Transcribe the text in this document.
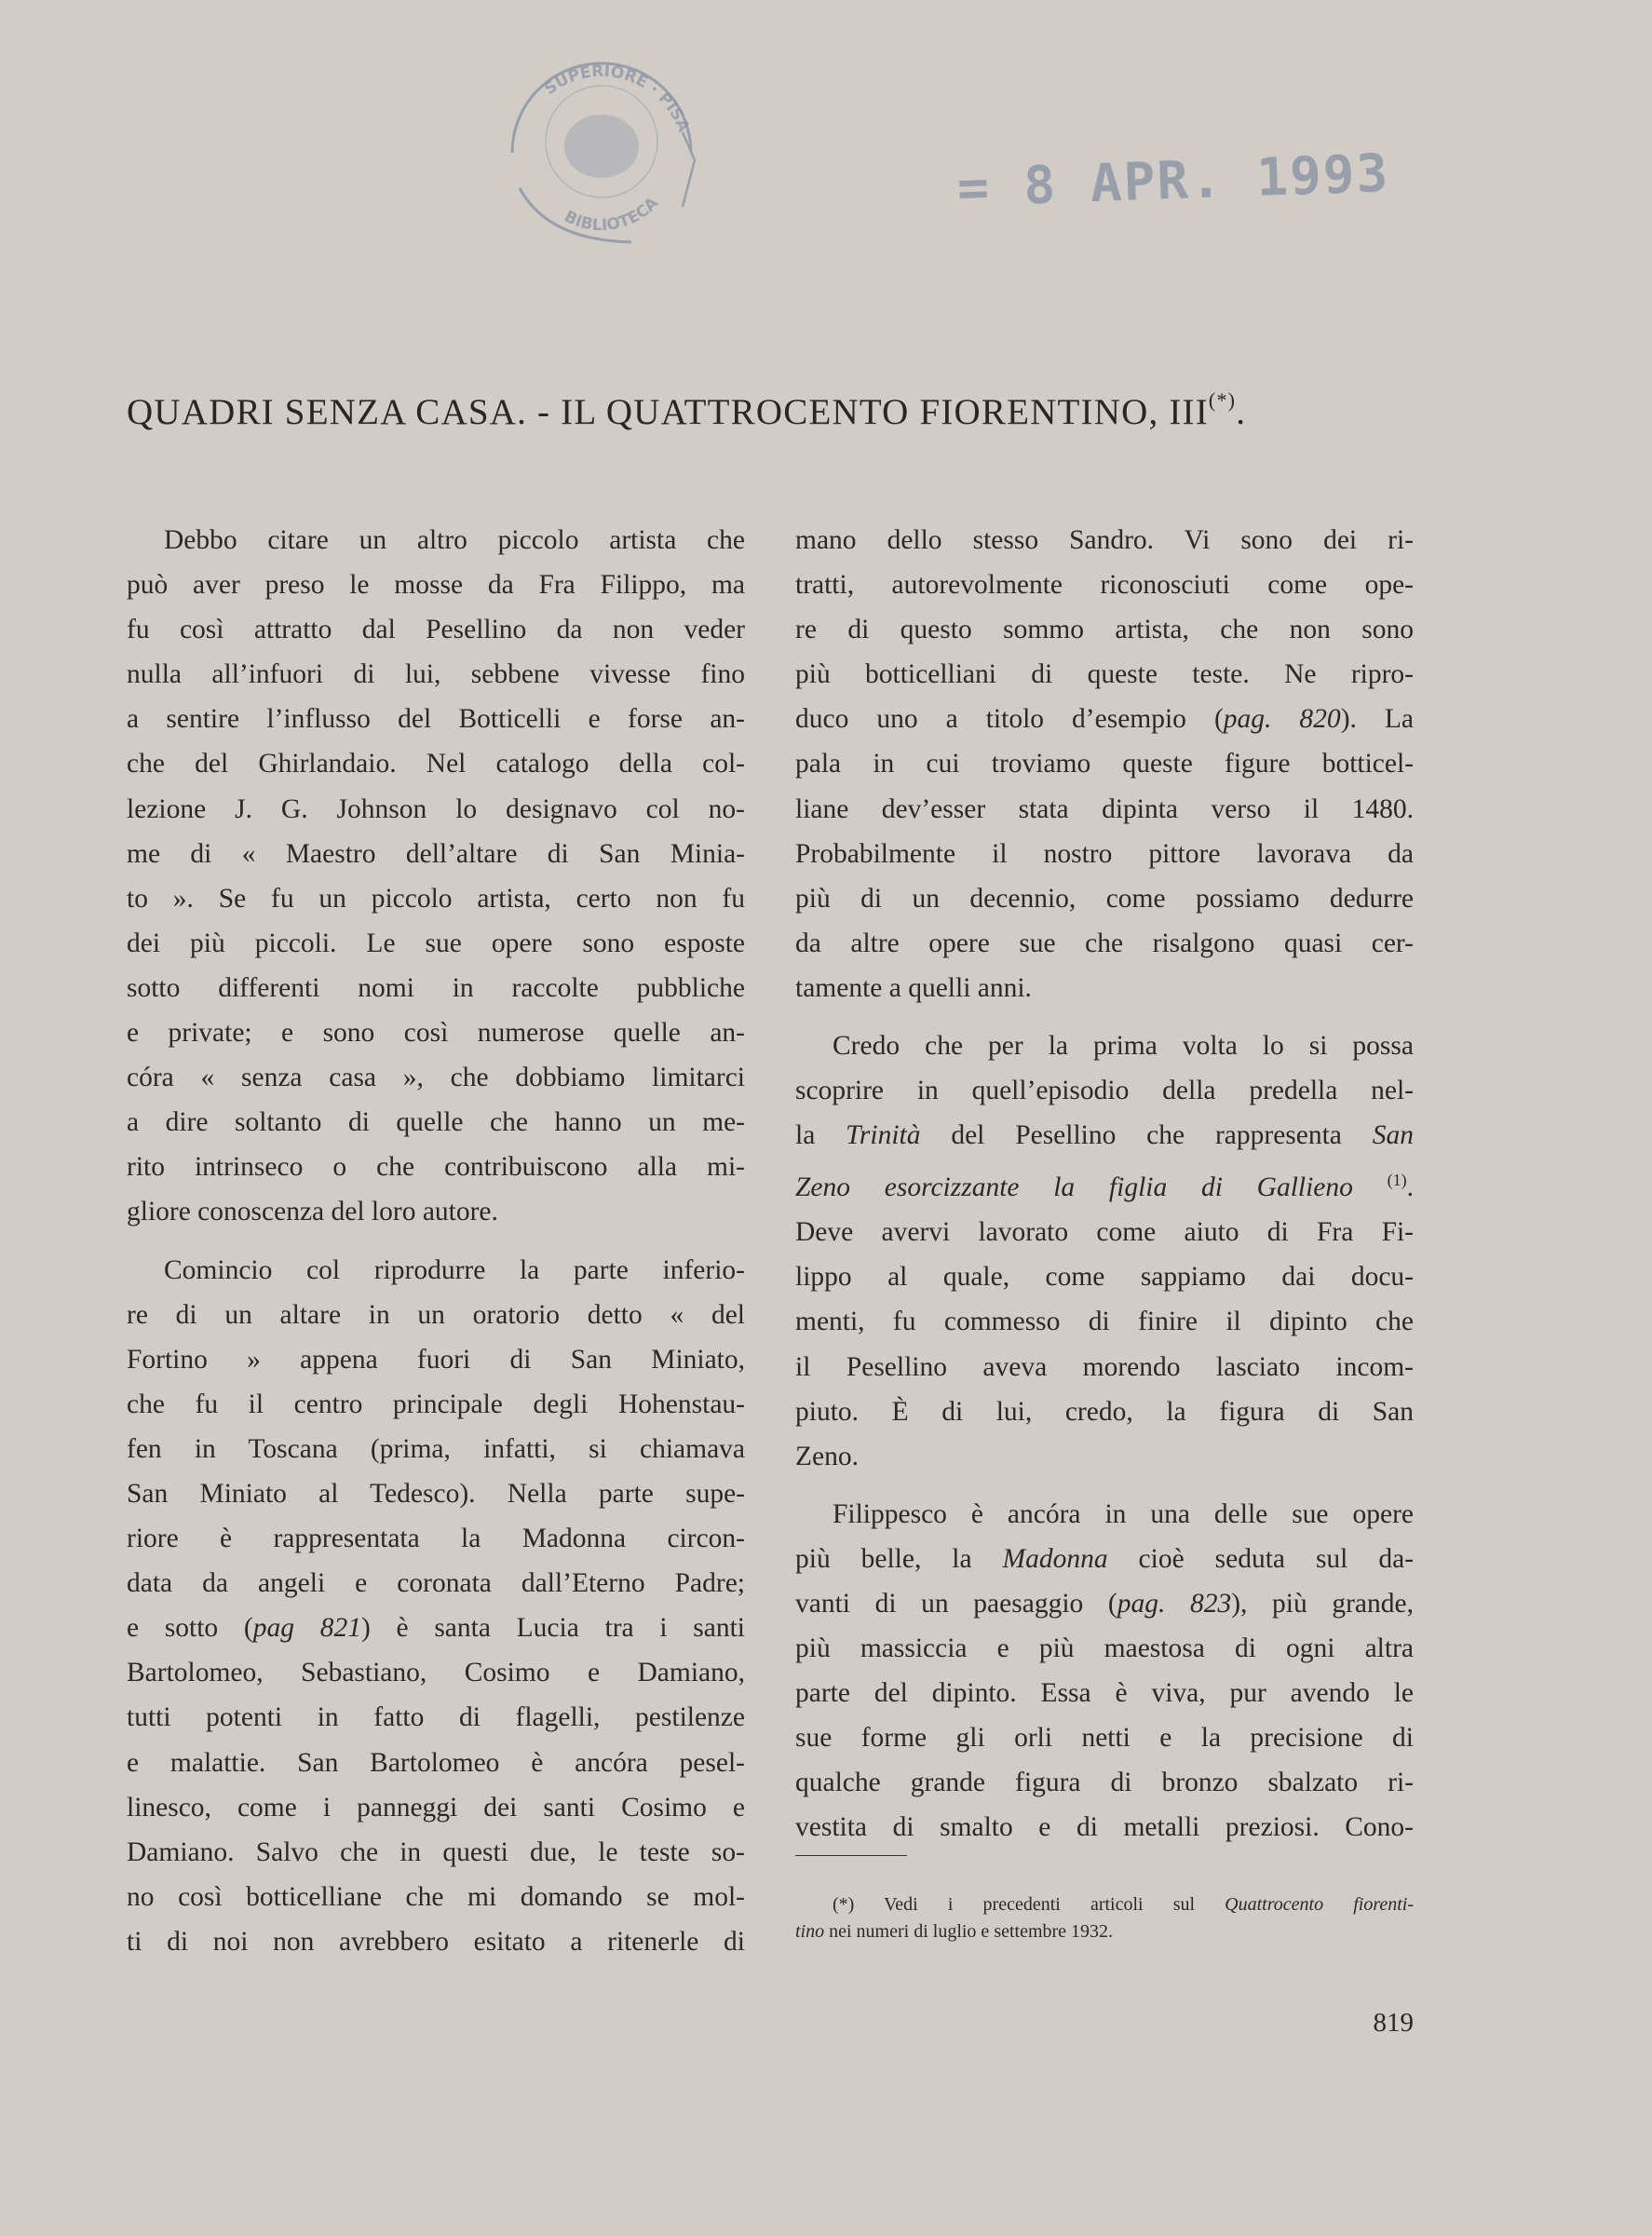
SUPERIORE · PISA
BIBLIOTECA	= 8 APR. 1993
QUADRI SENZA CASA. - IL QUATTROCENTO FIORENTINO, III(*).

Debbo citare un altro piccolo artista che

può aver preso le mosse da Fra Filippo, ma

fu così attratto dal Pesellino da non veder

nulla all’infuori di lui, sebbene vivesse fino

a sentire l’influsso del Botticelli e forse an-

che del Ghirlandaio. Nel catalogo della col-

lezione J. G. Johnson lo designavo col no-

me di « Maestro dell’altare di San Minia-

to ». Se fu un piccolo artista, certo non fu

dei più piccoli. Le sue opere sono esposte

sotto differenti nomi in raccolte pubbliche

e private; e sono così numerose quelle an-

córa « senza casa », che dobbiamo limitarci

a dire soltanto di quelle che hanno un me-

rito intrinseco o che contribuiscono alla mi-

gliore conoscenza del loro autore.

Comincio col riprodurre la parte inferio-

re di un altare in un oratorio detto « del

Fortino » appena fuori di San Miniato,

che fu il centro principale degli Hohenstau-

fen in Toscana (prima, infatti, si chiamava

San Miniato al Tedesco). Nella parte supe-

riore è rappresentata la Madonna circon-

data da angeli e coronata dall’Eterno Padre;

e sotto (pag 821) è santa Lucia tra i santi

Bartolomeo, Sebastiano, Cosimo e Damiano,

tutti potenti in fatto di flagelli, pestilenze

e malattie. San Bartolomeo è ancóra pesel-

linesco, come i panneggi dei santi Cosimo e

Damiano. Salvo che in questi due, le teste so-

no così botticelliane che mi domando se mol-

ti di noi non avrebbero esitato a ritenerle di

mano dello stesso Sandro. Vi sono dei ri-

tratti, autorevolmente riconosciuti come ope-

re di questo sommo artista, che non sono

più botticelliani di queste teste. Ne ripro-

duco uno a titolo d’esempio (pag. 820). La

pala in cui troviamo queste figure botticel-

liane dev’esser stata dipinta verso il 1480.

Probabilmente il nostro pittore lavorava da

più di un decennio, come possiamo dedurre

da altre opere sue che risalgono quasi cer-

tamente a quelli anni.

Credo che per la prima volta lo si possa

scoprire in quell’episodio della predella nel-

la Trinità del Pesellino che rappresenta San

Zeno esorcizzante la figlia di Gallieno $^{(1)}$.

Deve avervi lavorato come aiuto di Fra Fi-

lippo al quale, come sappiamo dai docu-

menti, fu commesso di finire il dipinto che

il Pesellino aveva morendo lasciato incom-

piuto. È di lui, credo, la figura di San

Zeno.

Filippesco è ancóra in una delle sue opere

più belle, la Madonna cioè seduta sul da-

vanti di un paesaggio (pag. 823), più grande,

più massiccia e più maestosa di ogni altra

parte del dipinto. Essa è viva, pur avendo le

sue forme gli orli netti e la precisione di

qualche grande figura di bronzo sbalzato ri-

vestita di smalto e di metalli preziosi. Cono-

(*) Vedi i precedenti articoli sul Quattrocento fiorenti-

tino nei numeri di luglio e settembre 1932.

819
